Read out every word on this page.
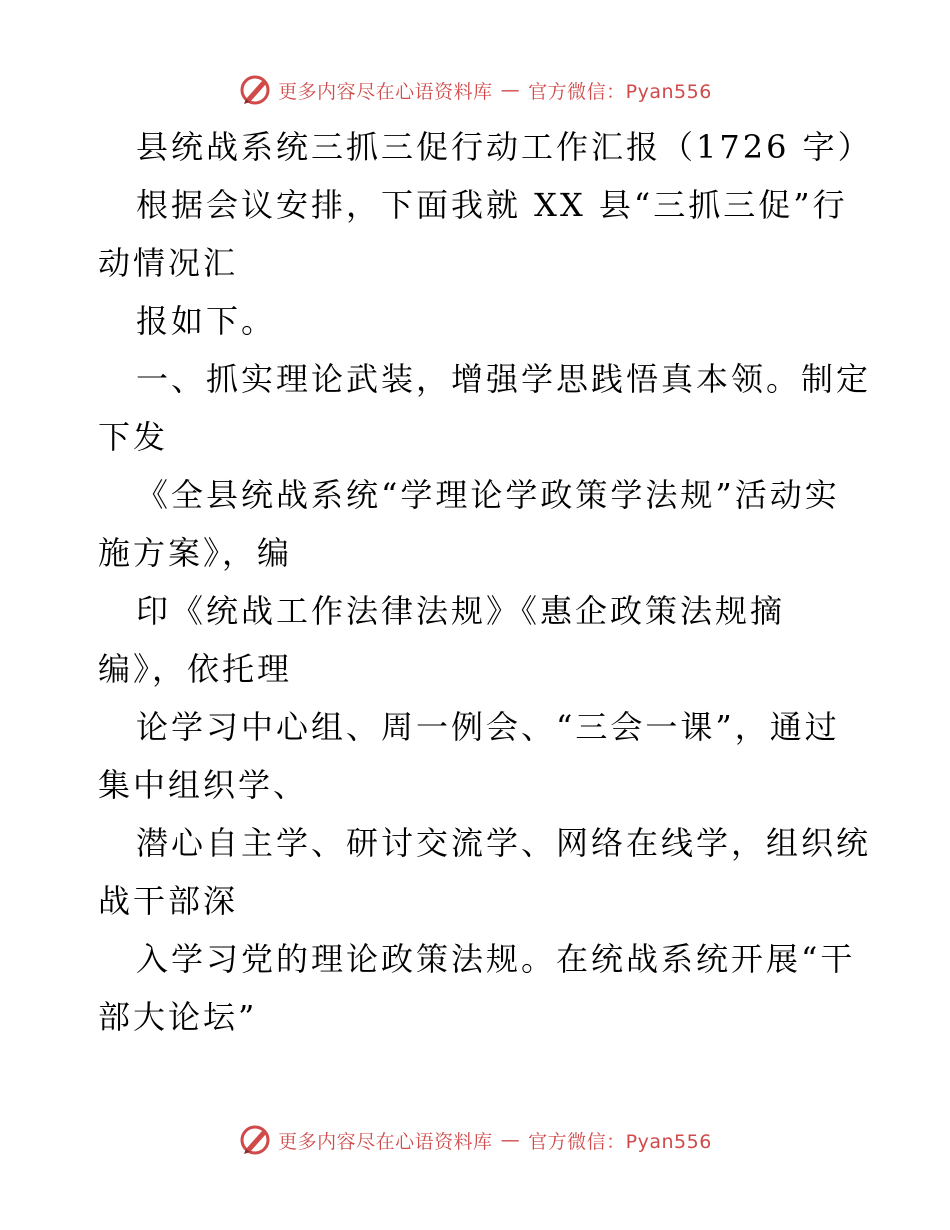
更多内容尽在心语资料库 — 官方微信：Pyan556

县统战系统三抓三促行动工作汇报（1726 字）

根据会议安排，下面我就 XX 县“三抓三促”行

动情况汇

报如下。

一、抓实理论武装，增强学思践悟真本领。制定

下发

《全县统战系统“学理论学政策学法规”活动实

施方案》，编

印《统战工作法律法规》《惠企政策法规摘

编》，依托理

论学习中心组、周一例会、“三会一课”，通过

集中组织学、

潜心自主学、研讨交流学、网络在线学，组织统

战干部深

入学习党的理论政策法规。在统战系统开展“干

部大论坛”

更多内容尽在心语资料库 — 官方微信：Pyan556
